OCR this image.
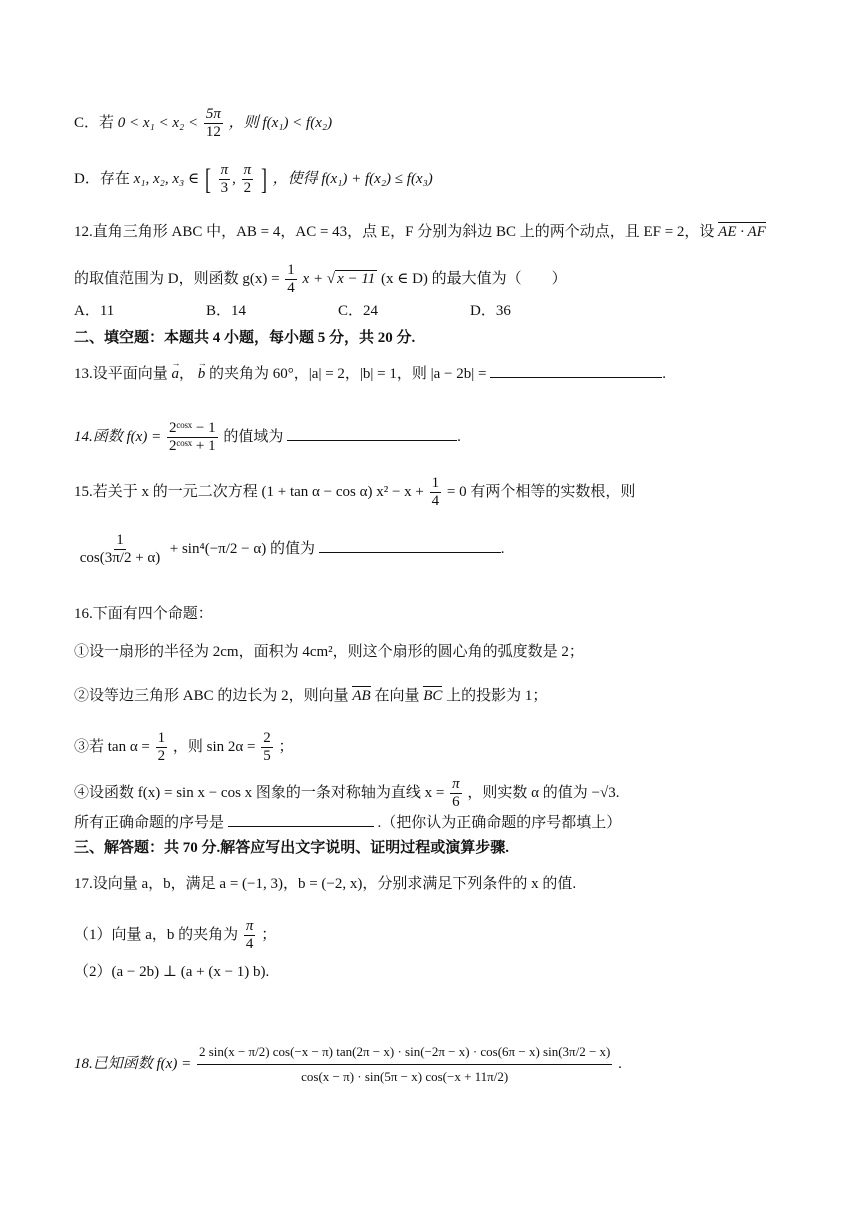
C．若 $0 < x_1 < x_2 < \frac{5\pi}{12}$ ，则 f(x₁) < f(x₂)
D．存在 x₁, x₂, x₃ ∈ [ $\frac{\pi}{3}$ , $\frac{\pi}{2}$ ] ，使得 f(x₁) + f(x₂) ≤ f(x₃)
12.直角三角形 ABC 中，AB = 4，AC = 43，点 E，F 分别为斜边 BC 上的两个动点，且 EF = 2，设 AE · AF
的取值范围为 D，则函数 $g(x) = \frac{1}{4}$ x + √ x − 11 (x ∈ D) 的最大值为（　　）
A．11	B．14	C．24	D．36
二、填空题：本题共 4 小题，每小题 5 分，共 20 分.
13.设平面向量 → a， → b 的夹角为 60°，|a| = 2，|b| = 1，则 |a − 2b| =	.
14.函数 $f(x) = \frac{\text{2ᶜᵒˢˣ − 1}}{\text{2ᶜᵒˢˣ + 1}}$ 的值域为	.
15.若关于 x 的一元二次方程 (1 + tan α − cos α) $x^2 - x + \frac{1}{4} = 0$ 有两个相等的实数根，则
$\frac{1}{\cos(3\pi/2 + \alpha)} + \sin^4(-\pi/2 - \alpha)$ 的值为	.
16.下面有四个命题：
①设一扇形的半径为 2cm，面积为 4cm²，则这个扇形的圆心角的弧度数是 2；
②设等边三角形 ABC 的边长为 2，则向量 AB 在向量 BC 上的投影为 1；
③若 $\tan \alpha = \frac{1}{2}$ ，则 $\sin 2\alpha = \frac{2}{5}$ ；
④设函数 f(x) = sin x − cos x 图象的一条对称轴为直线 $x = \frac{\pi}{6}$ ，则实数 α 的值为 −√3.
所有正确命题的序号是	.（把你认为正确命题的序号都填上）
三、解答题：共 70 分.解答应写出文字说明、证明过程或演算步骤.
17.设向量 a，b，满足 a = (−1, 3)，b = (−2, x)，分别求满足下列条件的 x 的值.
（1）向量 a，b 的夹角为 $\frac{\pi}{4}$ ；
（2）(a − 2b) ⊥ (a + (x − 1) b).
18.已知函数 f(x) =
2 sin(x − π/2) cos(−x − π) tan(2π − x) · sin(−2π − x) · cos(6π − x) sin(3π/2 − x)
cos(x − π) · sin(5π − x) cos(−x + 11π/2)
.
